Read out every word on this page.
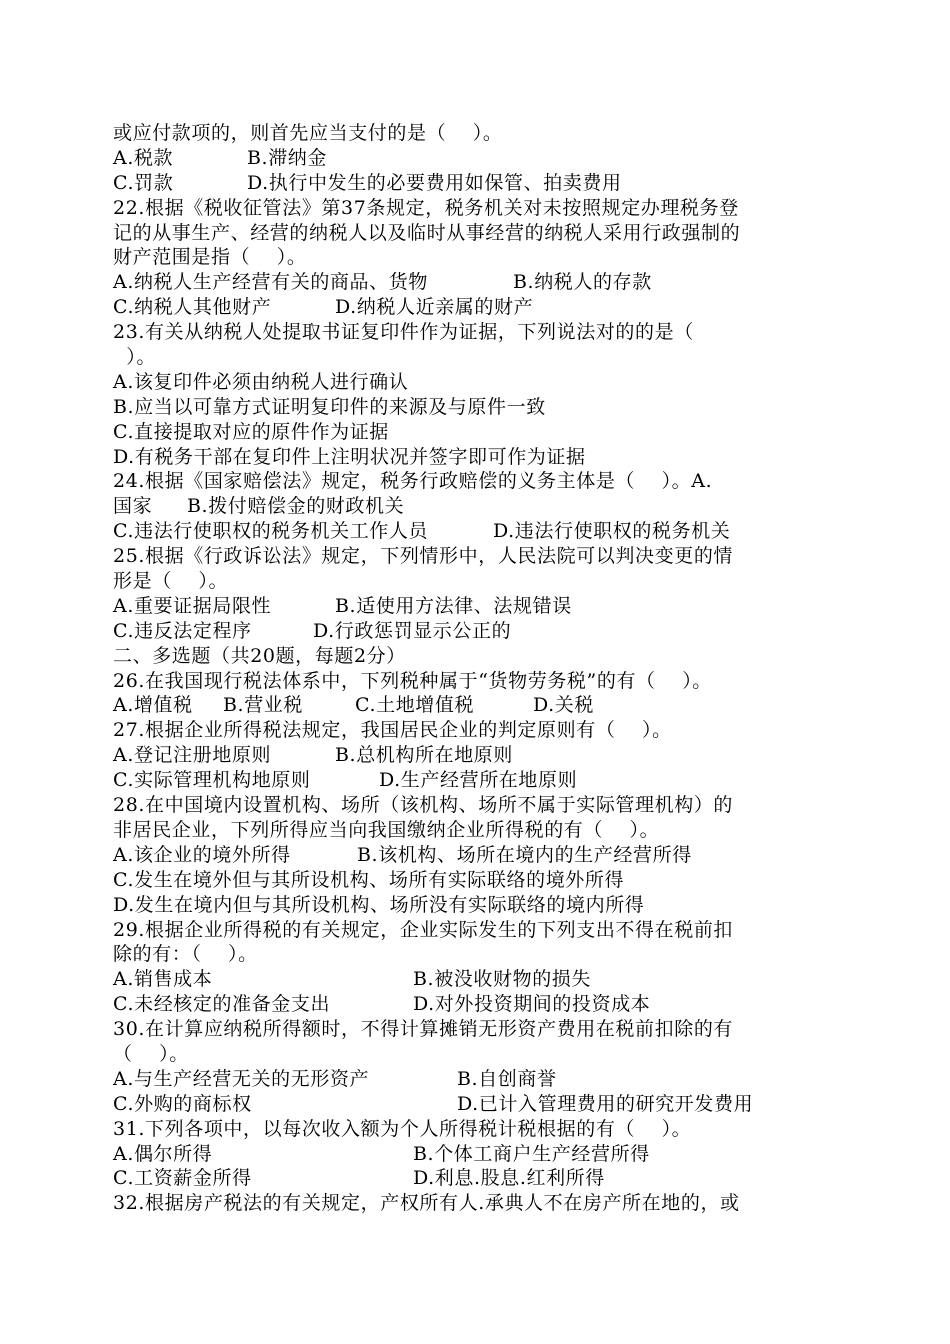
或应付款项的，则首先应当支付的是（    ）。
A.税款	B.滞纳金
C.罚款	D.执行中发生的必要费用如保管、拍卖费用
22.根据《税收征管法》第37条规定，税务机关对未按照规定办理税务登
记的从事生产、经营的纳税人以及临时从事经营的纳税人采用行政强制的
财产范围是指（    ）。
A.纳税人生产经营有关的商品、货物	B.纳税人的存款
C.纳税人其他财产	D.纳税人近亲属的财产
23.有关从纳税人处提取书证复印件作为证据，下列说法对的的是（
）。
A.该复印件必须由纳税人进行确认
B.应当以可靠方式证明复印件的来源及与原件一致
C.直接提取对应的原件作为证据
D.有税务干部在复印件上注明状况并签字即可作为证据
24.根据《国家赔偿法》规定，税务行政赔偿的义务主体是（    ）。A.
国家 B.拨付赔偿金的财政机关
C.违法行使职权的税务机关工作人员	D.违法行使职权的税务机关
25.根据《行政诉讼法》规定，下列情形中，人民法院可以判决变更的情
形是（    ）。
A.重要证据局限性	B.适使用方法律、法规错误
C.违反法定程序	D.行政惩罚显示公正的
二、多选题（共20题，每题2分）
26.在我国现行税法体系中，下列税种属于“货物劳务税”的有（    ）。
A.增值税 B.营业税	C.土地增值税	D.关税
27.根据企业所得税法规定，我国居民企业的判定原则有（    ）。
A.登记注册地原则	B.总机构所在地原则
C.实际管理机构地原则	D.生产经营所在地原则
28.在中国境内设置机构、场所（该机构、场所不属于实际管理机构）的
非居民企业，下列所得应当向我国缴纳企业所得税的有（    ）。
A.该企业的境外所得	B.该机构、场所在境内的生产经营所得
C.发生在境外但与其所设机构、场所有实际联络的境外所得
D.发生在境内但与其所设机构、场所没有实际联络的境内所得
29.根据企业所得税的有关规定，企业实际发生的下列支出不得在税前扣
除的有：（    ）。
A.销售成本	B.被没收财物的损失
C.未经核定的准备金支出	D.对外投资期间的投资成本
30.在计算应纳税所得额时，不得计算摊销无形资产费用在税前扣除的有
（    ）。
A.与生产经营无关的无形资产	B.自创商誉
C.外购的商标权	D.已计入管理费用的研究开发费用
31.下列各项中，以每次收入额为个人所得税计税根据的有（    ）。
A.偶尔所得	B.个体工商户生产经营所得
C.工资薪金所得	D.利息.股息.红利所得
32.根据房产税法的有关规定，产权所有人.承典人不在房产所在地的，或
